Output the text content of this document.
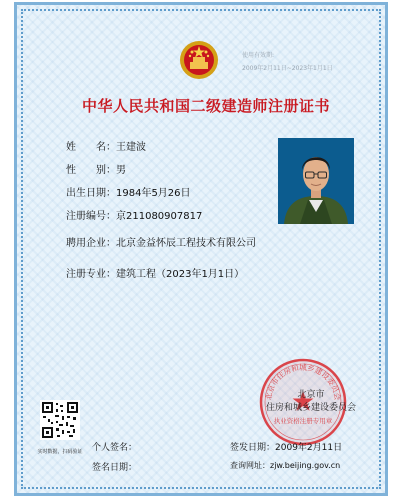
使用有效期:
2009年2月11日~2023年1月1日
中华人民共和国二级建造师注册证书
姓　　名：王建波
性　　别：男
出生日期：1984年5月26日
注册编号：京211080907817
聘用企业：北京金益怀辰工程技术有限公司
注册专业：建筑工程（2023年1月1日）
实时数据，扫码验证
北京市住房和城乡建设委员会
执业资格注册专用章
北京市
住房和城乡建设委员会
个人签名：
签名日期：
签发日期：2009年2月11日
查询网址：zjw.beijing.gov.cn
